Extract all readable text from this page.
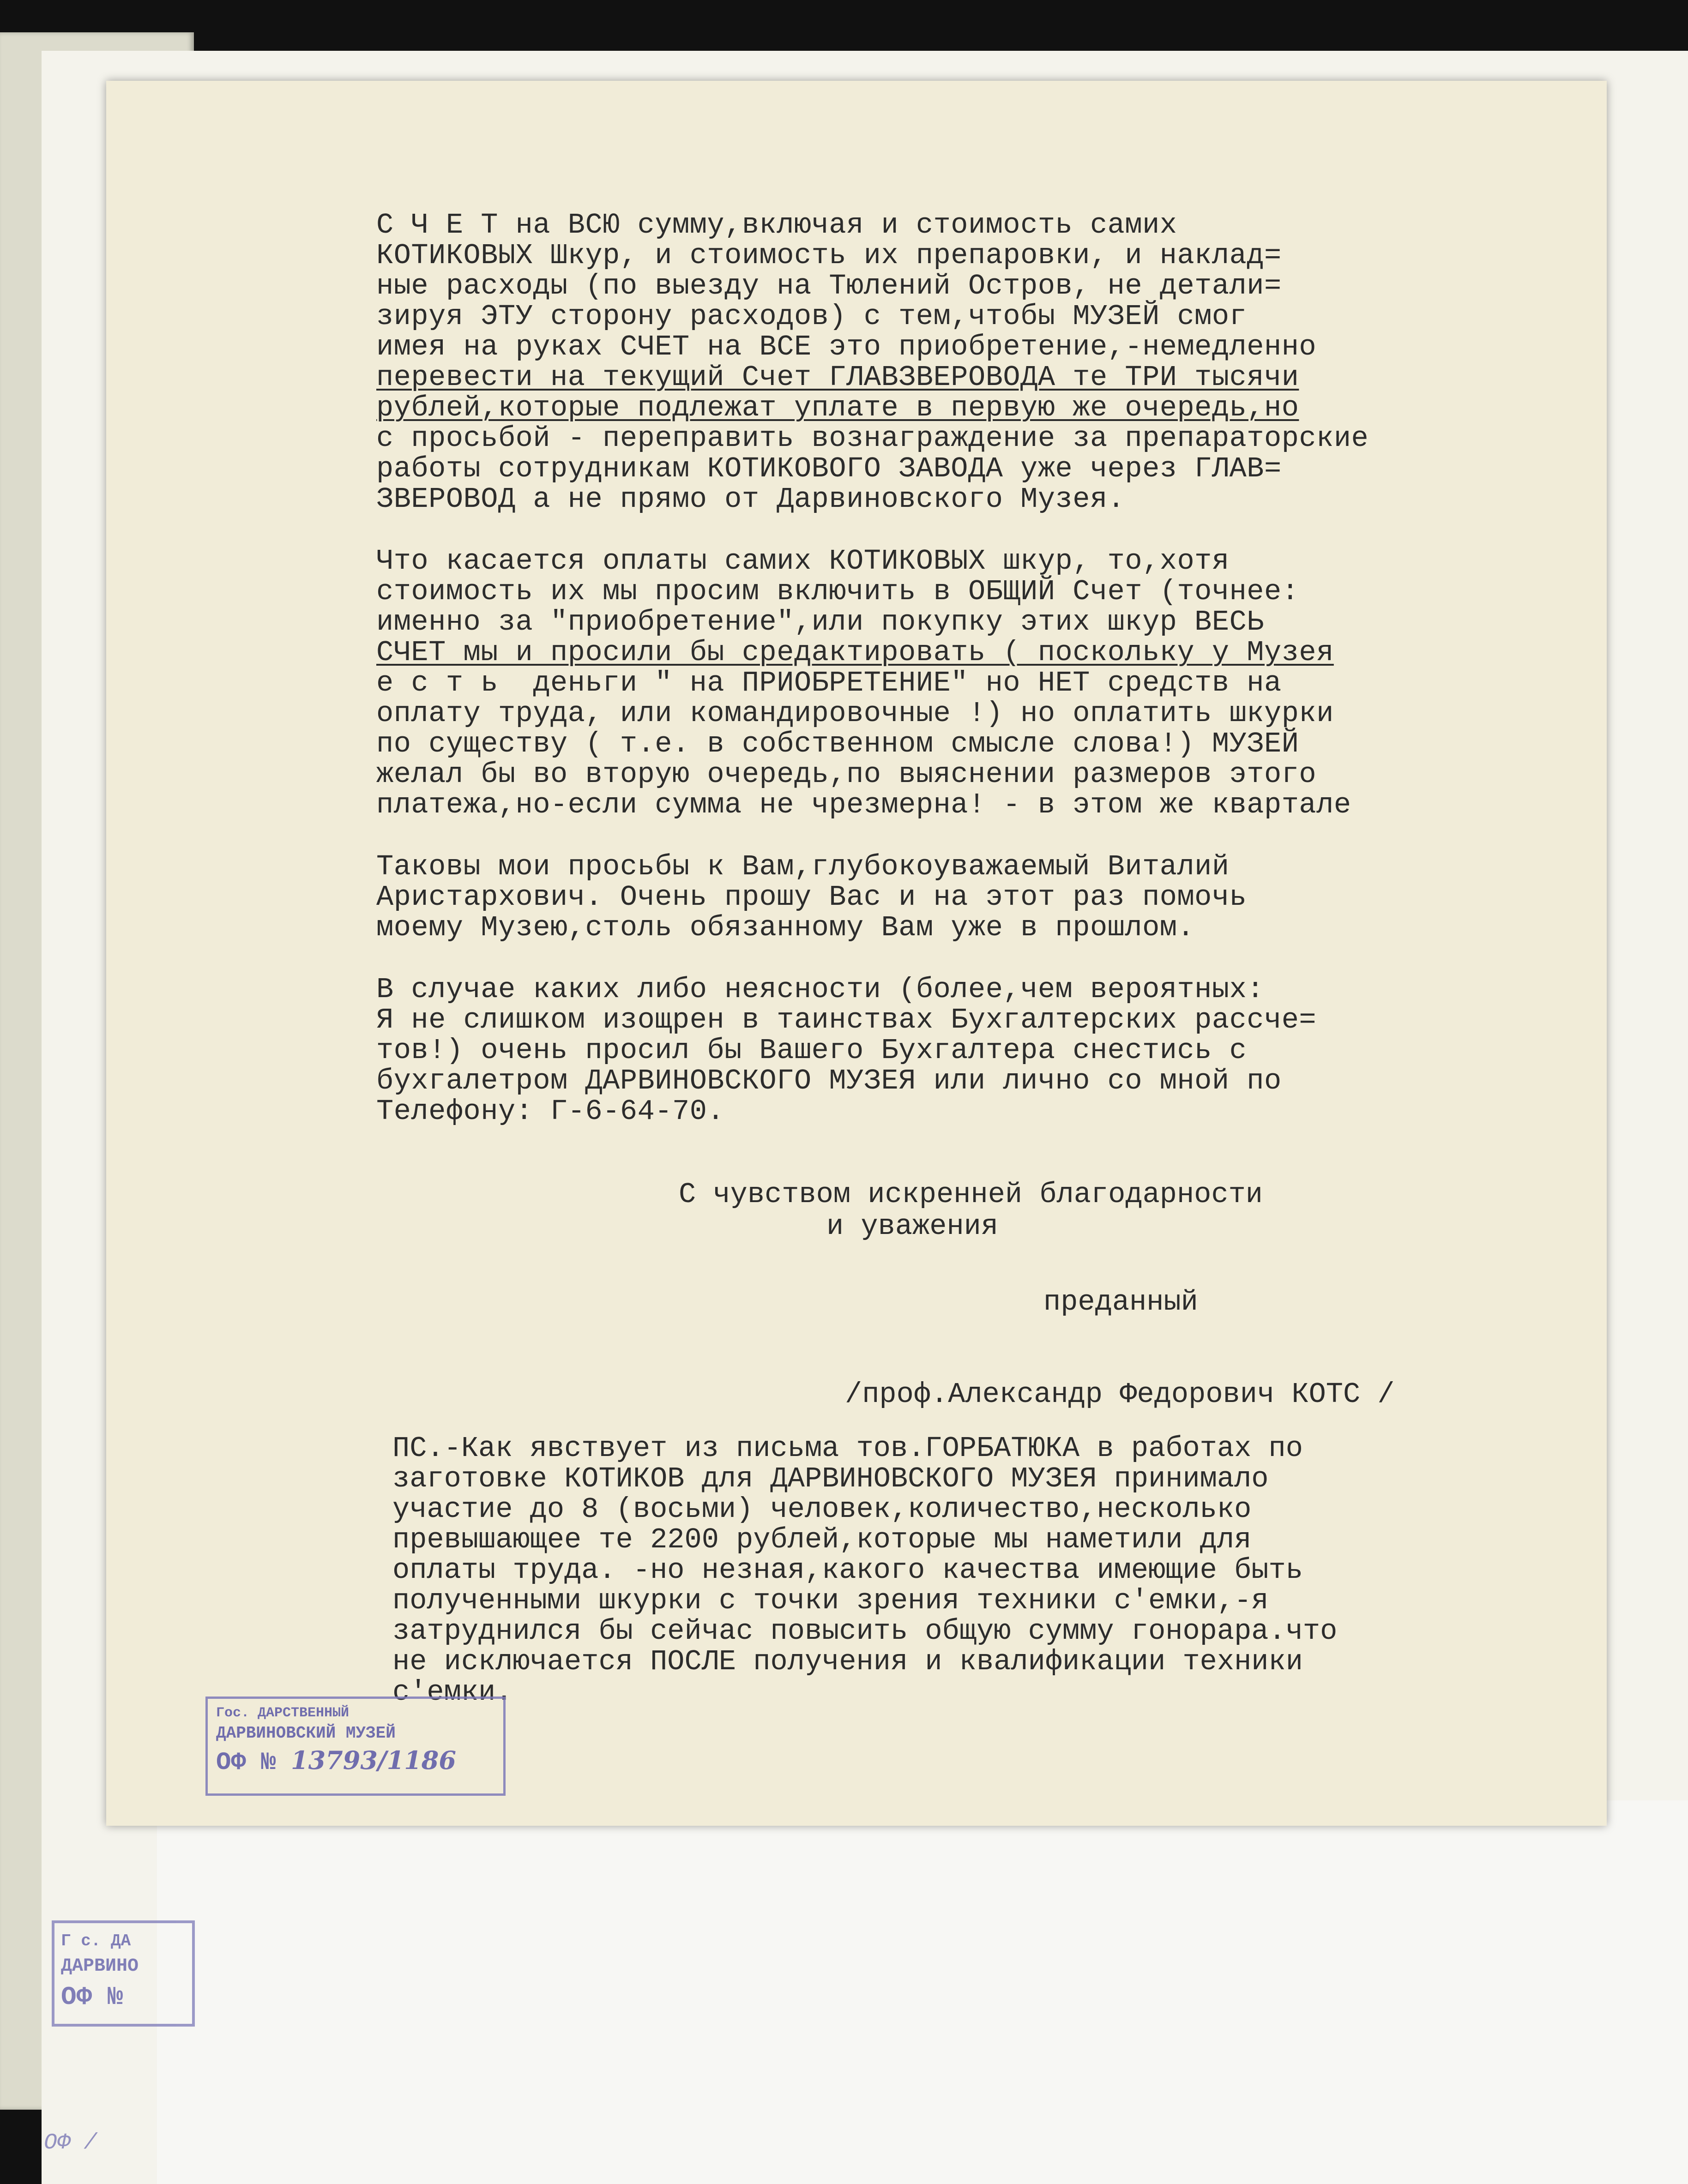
Г с. ДА
ДАРВИНО
ОФ №
ОФ /

С Ч Е Т на ВСЮ сумму,включая и стоимость самих

КОТИКОВЫХ Шкур, и стоимость их препаровки, и наклад=

ные расходы (по выезду на Тюлений Остров, не детали=

зируя ЭТУ сторону расходов) с тем,чтобы МУЗЕЙ смог

имея на руках СЧЕТ на ВСЕ это приобретение,-немедленно

перевести на текущий Счет ГЛАВЗВЕРОВОДА те ТРИ тысячи

рублей,которые подлежат уплате в первую же очередь,но

с просьбой - переправить вознаграждение за препараторские

работы сотрудникам КОТИКОВОГО ЗАВОДА уже через ГЛАВ=

ЗВЕРОВОД а не прямо от Дарвиновского Музея.

Что касается оплаты самих КОТИКОВЫХ шкур, то,хотя

стоимость их мы просим включить в ОБЩИЙ Счет (точнее:

именно за "приобретение",или покупку этих шкур ВЕСЬ

СЧЕТ мы и просили бы средактировать ( поскольку у Музея

е с т ь  деньги " на ПРИОБРЕТЕНИЕ" но НЕТ средств на

оплату труда, или командировочные !) но оплатить шкурки

по существу ( т.е. в собственном смысле слова!) МУЗЕЙ

желал бы во вторую очередь,по выяснении размеров этого

платежа,но-если сумма не чрезмерна! - в этом же квартале

Таковы мои просьбы к Вам,глубокоуважаемый Виталий

Аристархович. Очень прошу Вас и на этот раз помочь

моему Музею,столь обязанному Вам уже в прошлом.

В случае каких либо неясности (более,чем вероятных:

Я не слишком изощрен в таинствах Бухгалтерских рассче=

тов!) очень просил бы Вашего Бухгалтера снестись с

бухгалетром ДАРВИНОВСКОГО МУЗЕЯ или лично со мной по

Телефону: Г-6-64-70.

С чувством искренней благодарности
и уважения
преданный
/проф.Александр Федорович КОТС /

ПС.-Как явствует из письма тов.ГОРБАТЮКА в работах по

заготовке КОТИКОВ для ДАРВИНОВСКОГО МУЗЕЯ принимало

участие до 8 (восьми) человек,количество,несколько

превышающее те 2200 рублей,которые мы наметили для

оплаты труда. -но незная,какого качества имеющие быть

полученными шкурки с точки зрения техники с'емки,-я

затруднился бы сейчас повысить общую сумму гонорара.что

не исключается ПОСЛЕ получения и квалификации техники

с'емки.

Гос. ДАРСТВЕННЫЙ
ДАРВИНОВСКИЙ МУЗЕЙ
ОФ № 13793/1186
